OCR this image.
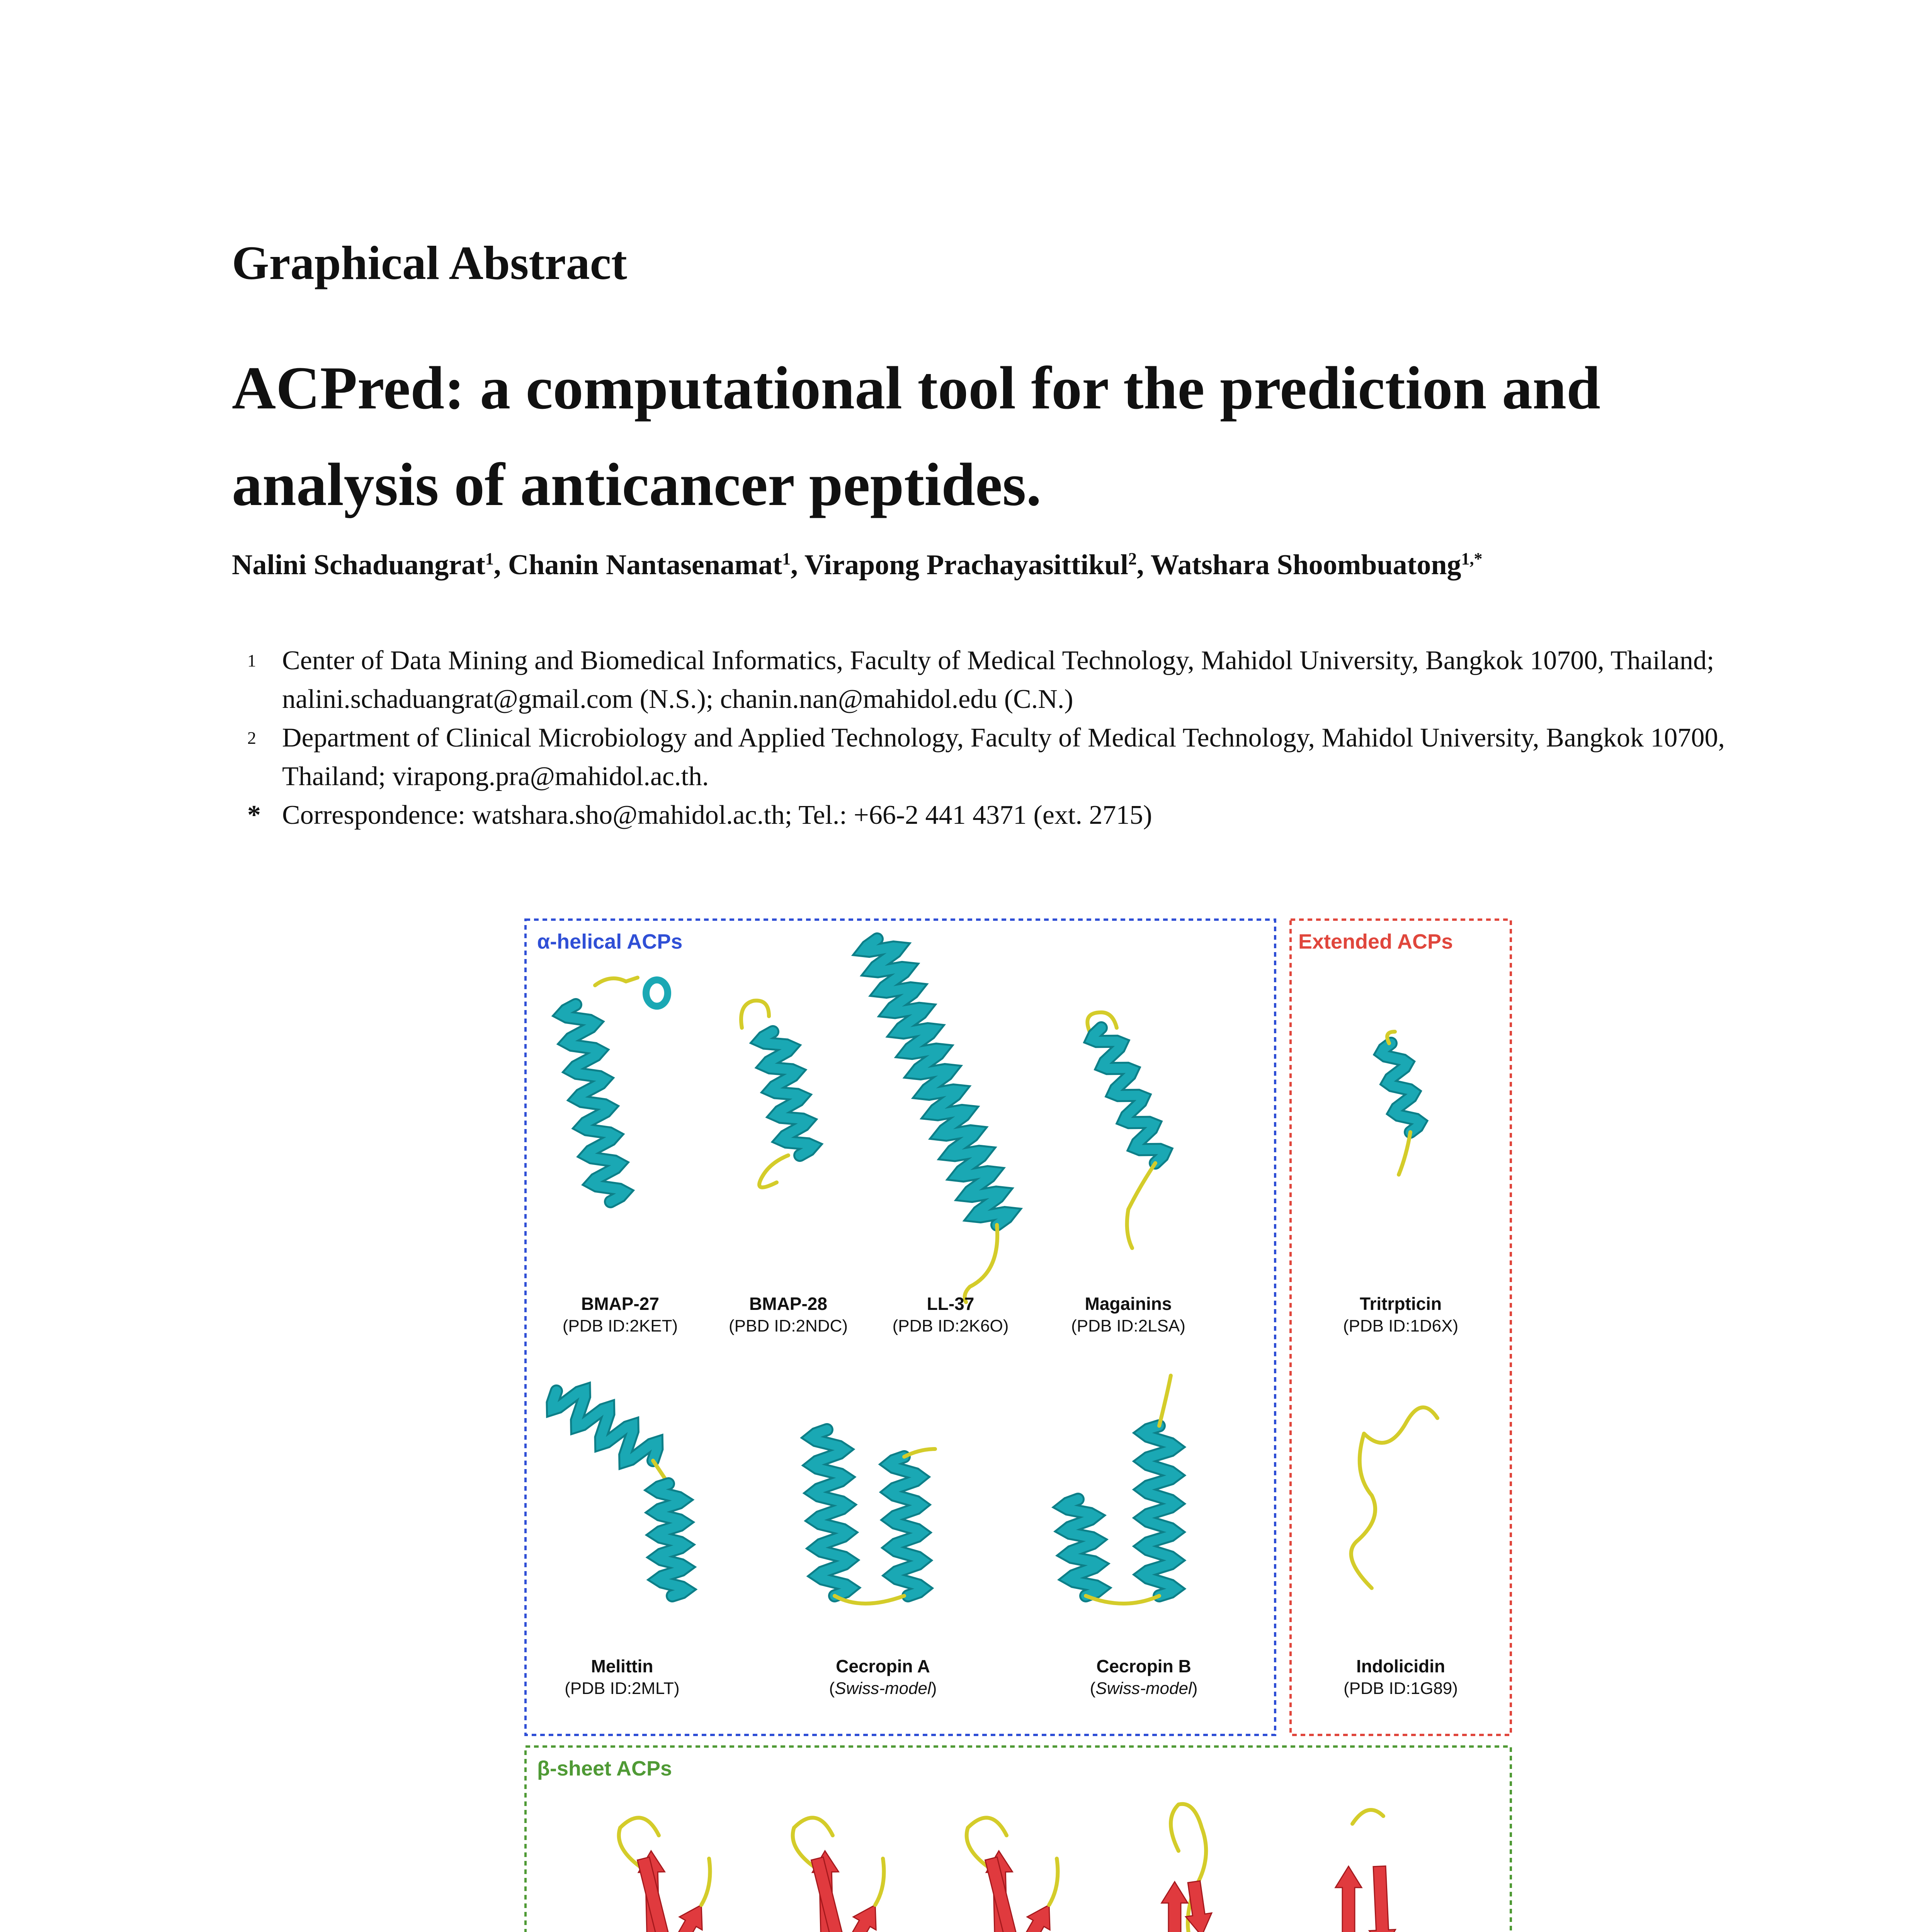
Graphical Abstract
ACPred: a computational tool for the prediction and analysis of anticancer peptides.
Nalini Schaduangrat$^1$, Chanin Nantasenamat$^1$, Virapong Prachayasittikul$^2$, Watshara Shoombuatong$^{1,*}$
1 Center of Data Mining and Biomedical Informatics, Faculty of Medical Technology, Mahidol University, Bangkok 10700, Thailand; nalini.schaduangrat@gmail.com (N.S.); chanin.nan@mahidol.edu (C.N.)
2 Department of Clinical Microbiology and Applied Technology, Faculty of Medical Technology, Mahidol University, Bangkok 10700, Thailand; virapong.pra@mahidol.ac.th.
* Correspondence: watshara.sho@mahidol.ac.th; Tel.: +66-2 441 4371 (ext. 2715)
α-helical ACPs	Extended ACPs
β-sheet ACPs
BMAP-27
(PDB ID:2KET)
BMAP-28
(PBD ID:2NDC)
LL-37
(PDB ID:2K6O)
Magainins
(PDB ID:2LSA)
Tritrpticin
(PDB ID:1D6X)
Melittin
(PDB ID:2MLT)
Cecropin A
(Swiss-model)
Cecropin B
(Swiss-model)
Indolicidin
(PDB ID:1G89)
